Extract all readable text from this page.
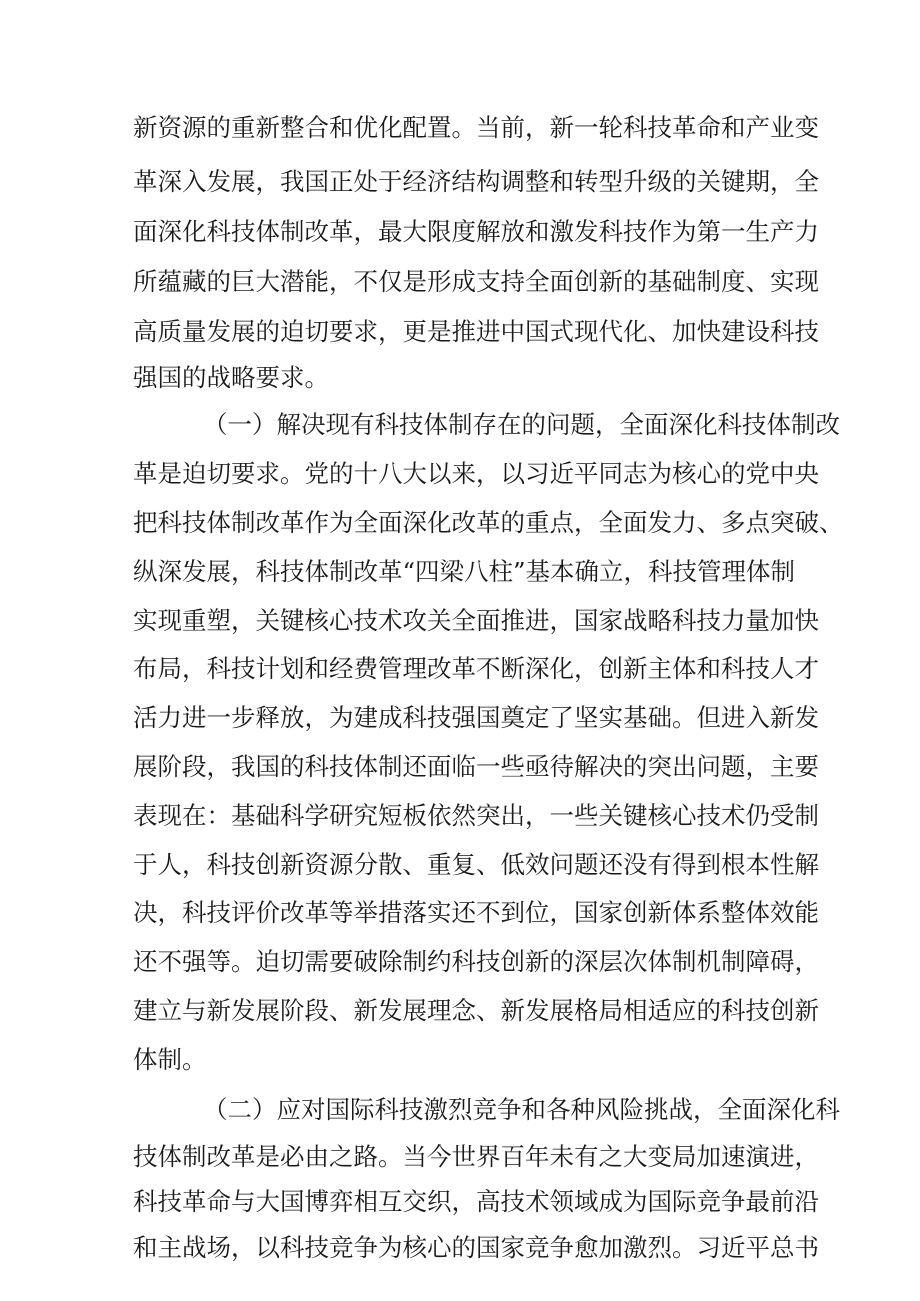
新资源的重新整合和优化配置。当前，新一轮科技革命和产业变
革深入发展，我国正处于经济结构调整和转型升级的关键期，全
面深化科技体制改革，最大限度解放和激发科技作为第一生产力
所蕴藏的巨大潜能，不仅是形成支持全面创新的基础制度、实现
高质量发展的迫切要求，更是推进中国式现代化、加快建设科技
强国的战略要求。
（一）解决现有科技体制存在的问题，全面深化科技体制改
革是迫切要求。党的十八大以来，以习近平同志为核心的党中央
把科技体制改革作为全面深化改革的重点，全面发力、多点突破、
纵深发展，科技体制改革“四梁八柱”基本确立，科技管理体制
实现重塑，关键核心技术攻关全面推进，国家战略科技力量加快
布局，科技计划和经费管理改革不断深化，创新主体和科技人才
活力进一步释放，为建成科技强国奠定了坚实基础。但进入新发
展阶段，我国的科技体制还面临一些亟待解决的突出问题，主要
表现在：基础科学研究短板依然突出，一些关键核心技术仍受制
于人，科技创新资源分散、重复、低效问题还没有得到根本性解
决，科技评价改革等举措落实还不到位，国家创新体系整体效能
还不强等。迫切需要破除制约科技创新的深层次体制机制障碍，
建立与新发展阶段、新发展理念、新发展格局相适应的科技创新
体制。
（二）应对国际科技激烈竞争和各种风险挑战，全面深化科
技体制改革是必由之路。当今世界百年未有之大变局加速演进，
科技革命与大国博弈相互交织，高技术领域成为国际竞争最前沿
和主战场，以科技竞争为核心的国家竞争愈加激烈。习近平总书
